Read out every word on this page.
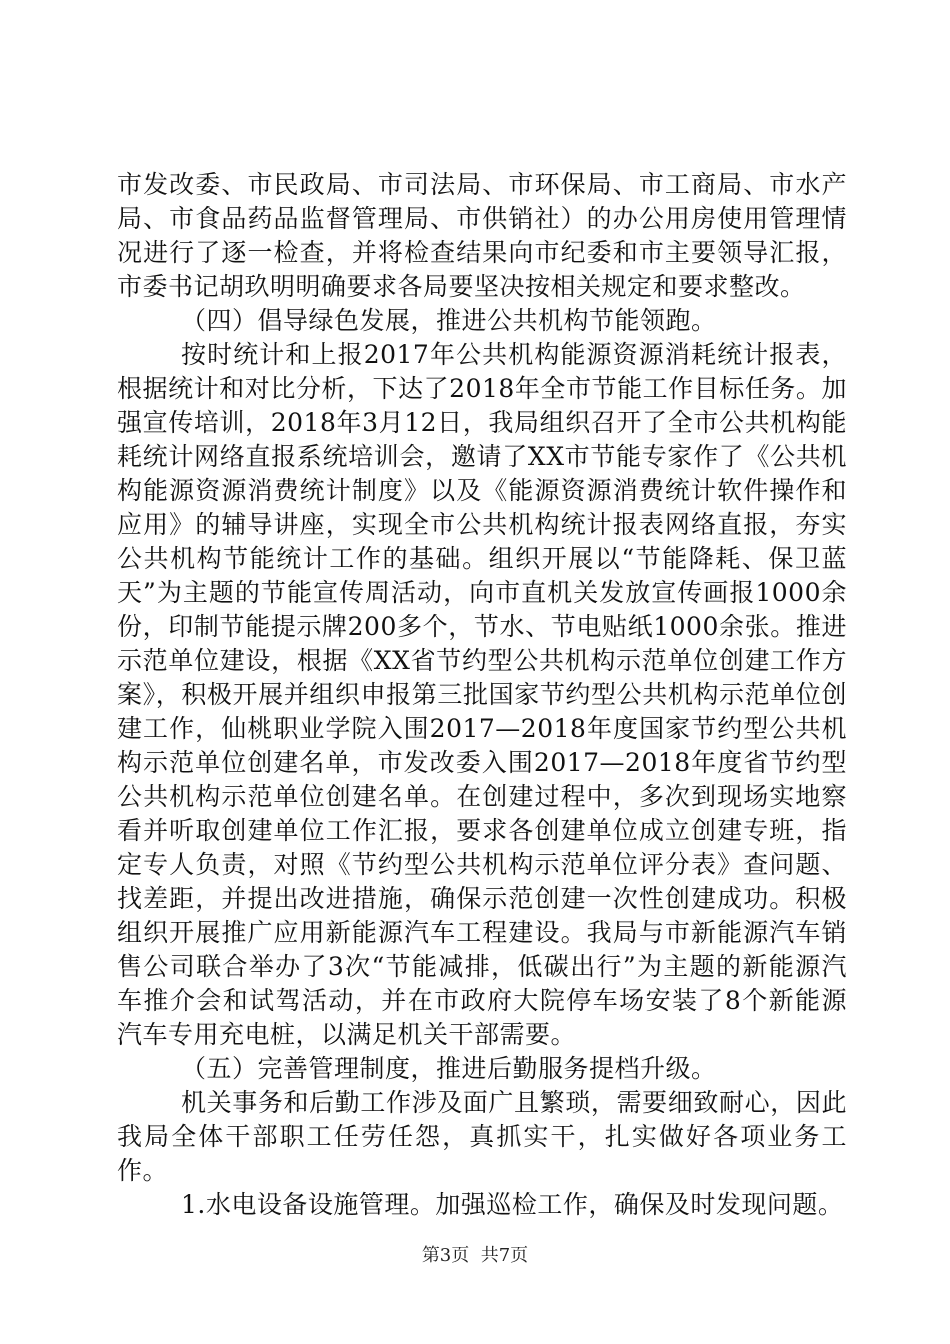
市发改委、市民政局、市司法局、市环保局、市工商局、市水产局、市食品药品监督管理局、市供销社）的办公用房使用管理情况进行了逐一检查，并将检查结果向市纪委和市主要领导汇报，市委书记胡玖明明确要求各局要坚决按相关规定和要求整改。

（四）倡导绿色发展，推进公共机构节能领跑。

按时统计和上报2017年公共机构能源资源消耗统计报表，根据统计和对比分析，下达了2018年全市节能工作目标任务。加强宣传培训，2018年3月12日，我局组织召开了全市公共机构能耗统计网络直报系统培训会，邀请了XX市节能专家作了《公共机构能源资源消费统计制度》以及《能源资源消费统计软件操作和应用》的辅导讲座，实现全市公共机构统计报表网络直报，夯实公共机构节能统计工作的基础。组织开展以“节能降耗、保卫蓝天”为主题的节能宣传周活动，向市直机关发放宣传画报1000余份，印制节能提示牌200多个，节水、节电贴纸1000余张。推进示范单位建设，根据《XX省节约型公共机构示范单位创建工作方案》，积极开展并组织申报第三批国家节约型公共机构示范单位创建工作，仙桃职业学院入围2017—2018年度国家节约型公共机构示范单位创建名单，市发改委入围2017—2018年度省节约型公共机构示范单位创建名单。在创建过程中，多次到现场实地察看并听取创建单位工作汇报，要求各创建单位成立创建专班，指定专人负责，对照《节约型公共机构示范单位评分表》查问题、找差距，并提出改进措施，确保示范创建一次性创建成功。积极组织开展推广应用新能源汽车工程建设。我局与市新能源汽车销售公司联合举办了3次“节能减排，低碳出行”为主题的新能源汽车推介会和试驾活动，并在市政府大院停车场安装了8个新能源汽车专用充电桩，以满足机关干部需要。

（五）完善管理制度，推进后勤服务提档升级。

机关事务和后勤工作涉及面广且繁琐，需要细致耐心，因此我局全体干部职工任劳任怨，真抓实干，扎实做好各项业务工作。

1.水电设备设施管理。加强巡检工作，确保及时发现问题。

第3页  共7页
